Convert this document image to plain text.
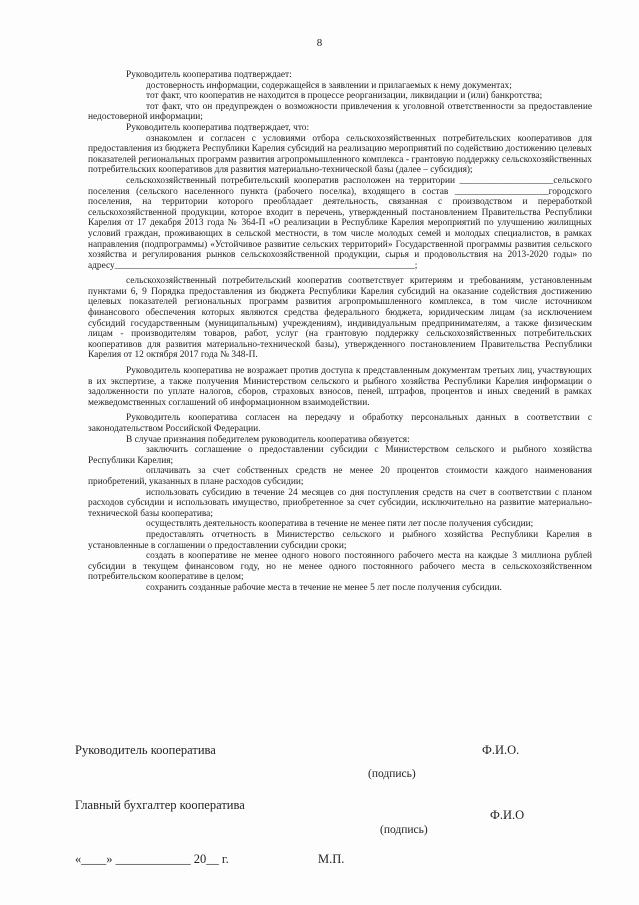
8

Руководитель кооператива подтверждает:

достоверность информации, содержащейся в заявлении и прилагаемых к нему документах;

тот факт, что кооператив не находится в процессе реорганизации, ликвидации и (или) банкротства;

тот факт, что он предупрежден о возможности привлечения к уголовной ответственности за предоставление недостоверной информации;

Руководитель кооператива подтверждает, что:

ознакомлен и согласен с условиями отбора сельскохозяйственных потребительских кооперативов для предоставления из бюджета Республики Карелия субсидий на реализацию мероприятий по содействию достижению целевых показателей региональных программ развития агропромышленного комплекса - грантовую поддержку сельскохозяйственных потребительских кооперативов для развития материально-технической базы (далее – субсидия);

сельскохозяйственный потребительский кооператив расположен на территории ____________________сельского поселения (сельского населенного пункта (рабочего поселка), входящего в состав ____________________городского поселения, на территории которого преобладает деятельность, связанная с производством и переработкой сельскохозяйственной продукции, которое входит в перечень, утвержденный постановлением Правительства Республики Карелия от 17 декабря 2013 года № 364-П «О реализации в Республике Карелия мероприятий по улучшению жилищных условий граждан, проживающих в сельской местности, в том числе молодых семей и молодых специалистов, в рамках направления (подпрограммы) «Устойчивое развитие сельских территорий» Государственной программы развития сельского хозяйства и регулирования рынков сельскохозяйственной продукции, сырья и продовольствия на 2013-2020 годы» по адресу________________________________________________________________;

сельскохозяйственный потребительский кооператив соответствует критериям и требованиям, установленным пунктами 6, 9 Порядка предоставления из бюджета Республики Карелия субсидий на оказание содействия достижению целевых показателей региональных программ развития агропромышленного комплекса, в том числе источником финансового обеспечения которых являются средства федерального бюджета, юридическим лицам (за исключением субсидий государственным (муниципальным) учреждениям), индивидуальным предпринимателям, а также физическим лицам - производителям товаров, работ, услуг (на грантовую поддержку сельскохозяйственных потребительских кооперативов для развития материально-технической базы), утвержденного постановлением Правительства Республики Карелия от 12 октября 2017 года № 348-П.

Руководитель кооператива не возражает против доступа к представленным документам третьих лиц, участвующих в их экспертизе, а также получения Министерством сельского и рыбного хозяйства Республики Карелия информации о задолженности по уплате налогов, сборов, страховых взносов, пеней, штрафов, процентов и иных сведений в рамках межведомственных соглашений об информационном взаимодействии.

Руководитель кооператива согласен на передачу и обработку персональных данных в соответствии с законодательством Российской Федерации.

В случае признания победителем руководитель кооператива обязуется:

заключить соглашение о предоставлении субсидии с Министерством сельского и рыбного хозяйства Республики Карелия;

оплачивать за счет собственных средств не менее 20 процентов стоимости каждого наименования приобретений, указанных в плане расходов субсидии;

использовать субсидию в течение 24 месяцев со дня поступления средств на счет в соответствии с планом расходов субсидии и использовать имущество, приобретенное за счет субсидии, исключительно на развитие материально-технической базы кооператива;

осуществлять деятельность кооператива в течение не менее пяти лет после получения субсидии;

предоставлять отчетность в Министерство сельского и рыбного хозяйства Республики Карелия в установленные в соглашении о предоставлении субсидии сроки;

создать в кооперативе не менее одного нового постоянного рабочего места на каждые 3 миллиона рублей субсидии в текущем финансовом году, но не менее одного постоянного рабочего места в сельскохозяйственном потребительском кооперативе в целом;

сохранить созданные рабочие места в течение не менее 5 лет после получения субсидии.

Руководитель кооператива	Ф.И.О.
(подпись)
Главный бухгалтер кооператива
Ф.И.О
(подпись)
«____» ____________ 20__ г.	М.П.
